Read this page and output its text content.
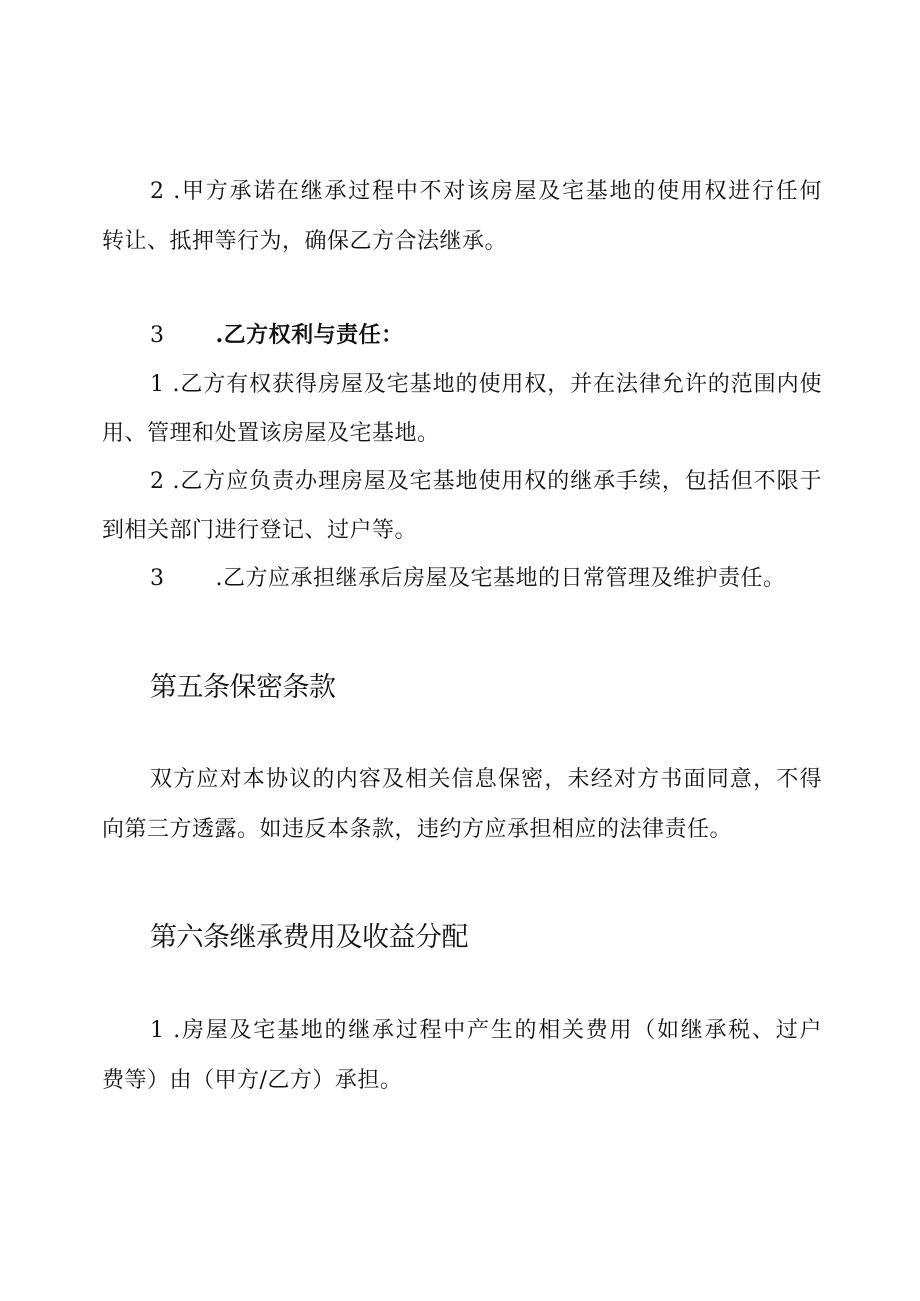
2 .甲方承诺在继承过程中不对该房屋及宅基地的使用权进行任何
转让、抵押等行为，确保乙方合法继承。
3 .乙方权利与责任：
1 .乙方有权获得房屋及宅基地的使用权，并在法律允许的范围内使
用、管理和处置该房屋及宅基地。
2 .乙方应负责办理房屋及宅基地使用权的继承手续，包括但不限于
到相关部门进行登记、过户等。
3 .乙方应承担继承后房屋及宅基地的日常管理及维护责任。
第五条保密条款
双方应对本协议的内容及相关信息保密，未经对方书面同意，不得
向第三方透露。如违反本条款，违约方应承担相应的法律责任。
第六条继承费用及收益分配
1 .房屋及宅基地的继承过程中产生的相关费用（如继承税、过户
费等）由（甲方/乙方）承担。
